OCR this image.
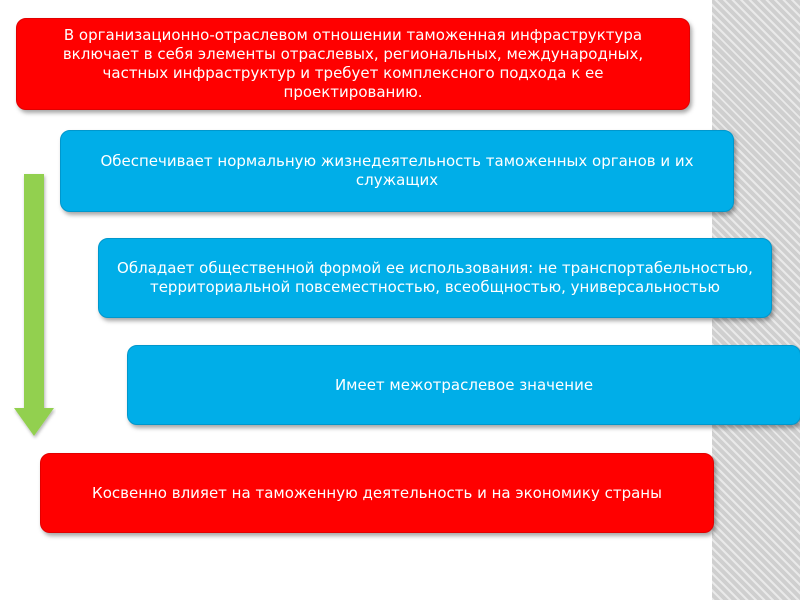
В организационно-отраслевом отношении таможенная инфраструктура включает в себя элементы отраслевых, региональных, международных, частных инфраструктур и требует комплексного подхода к ее проектированию.
Обеспечивает нормальную жизнедеятельность таможенных органов и их служащих
Обладает общественной формой ее использования: не транспортабельностью, территориальной повсеместностью, всеобщностью, универсальностью
Имеет межотраслевое значение
Косвенно влияет на таможенную деятельность и на экономику страны
